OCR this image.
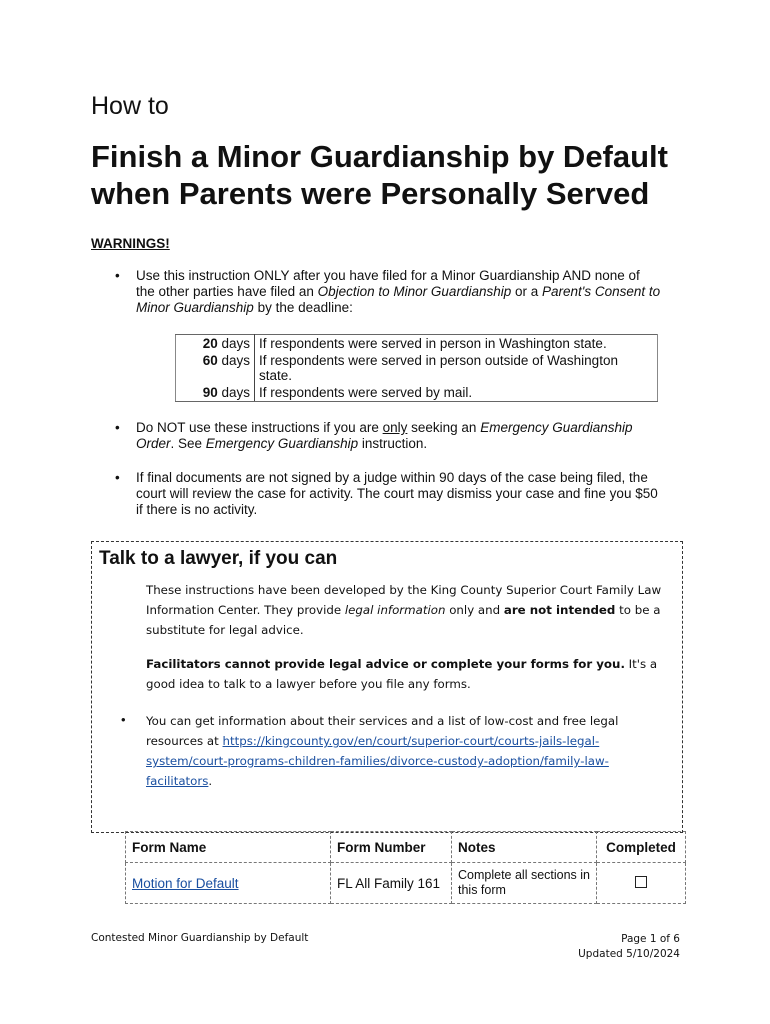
How to
Finish a Minor Guardianship by Default
when Parents were Personally Served
WARNINGS!
• Use this instruction ONLY after you have filed for a Minor Guardianship AND none of the other parties have filed an Objection to Minor Guardianship or a Parent's Consent to Minor Guardianship by the deadline:
20 days	If respondents were served in person in Washington state.
60 days	If respondents were served in person outside of Washington state.
90 days	If respondents were served by mail.
• Do NOT use these instructions if you are only seeking an Emergency Guardianship Order. See Emergency Guardianship instruction.
• If final documents are not signed by a judge within 90 days of the case being filed, the court will review the case for activity. The court may dismiss your case and fine you $50 if there is no activity.
Talk to a lawyer, if you can
These instructions have been developed by the King County Superior Court Family Law Information Center. They provide legal information only and are not intended to be a substitute for legal advice.
Facilitators cannot provide legal advice or complete your forms for you. It's a good idea to talk to a lawyer before you file any forms.
• You can get information about their services and a list of low-cost and free legal resources at https://kingcounty.gov/en/court/superior-court/courts-jails-legal-system/court-programs-children-families/divorce-custody-adoption/family-law-facilitators.
Form Name	Form Number	Notes	Completed
Motion for Default	FL All Family 161	Complete all sections in this form	
Contested Minor Guardianship by Default	Page 1 of 6
Updated 5/10/2024
